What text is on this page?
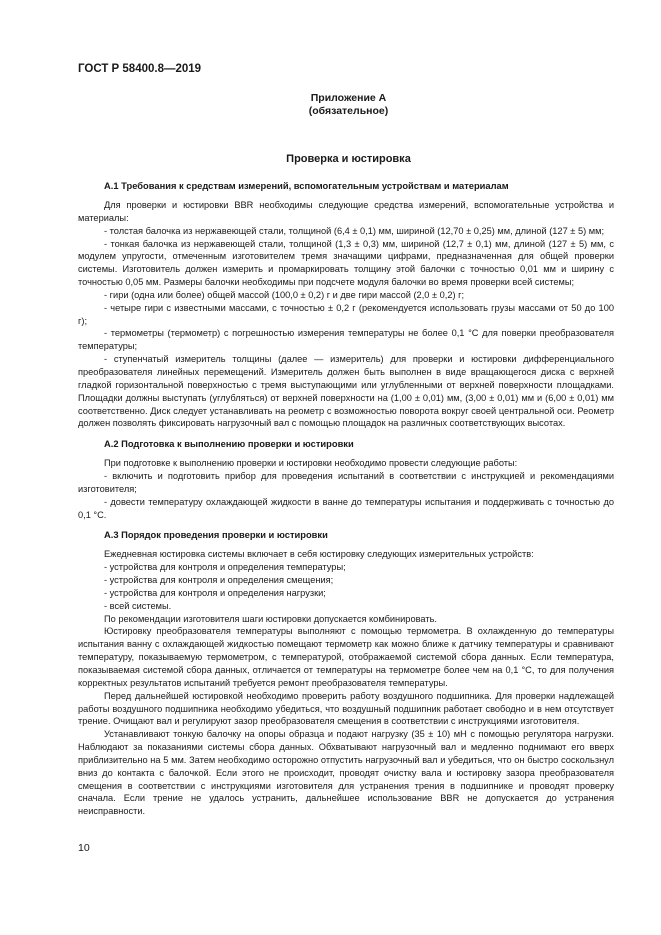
ГОСТ Р 58400.8—2019
Приложение А
(обязательное)
Проверка и юстировка
А.1 Требования к средствам измерений, вспомогательным устройствам и материалам

Для проверки и юстировки BBR необходимы следующие средства измерений, вспомогательные устройства и материалы:

- толстая балочка из нержавеющей стали, толщиной (6,4 ± 0,1) мм, шириной (12,70 ± 0,25) мм, длиной (127 ± 5) мм;

- тонкая балочка из нержавеющей стали, толщиной (1,3 ± 0,3) мм, шириной (12,7 ± 0,1) мм, длиной (127 ± 5) мм, с модулем упругости, отмеченным изготовителем тремя значащими цифрами, предназначенная для общей проверки системы. Изготовитель должен измерить и промаркировать толщину этой балочки с точностью 0,01 мм и ширину с точностью 0,05 мм. Размеры балочки необходимы при подсчете модуля балочки во время проверки всей системы;

- гири (одна или более) общей массой (100,0 ± 0,2) г и две гири массой (2,0 ± 0,2) г;

- четыре гири с известными массами, с точностью ± 0,2 г (рекомендуется использовать грузы массами от 50 до 100 г);

- термометры (термометр) с погрешностью измерения температуры не более 0,1 °С для поверки преобразователя температуры;

- ступенчатый измеритель толщины (далее — измеритель) для проверки и юстировки дифференциального преобразователя линейных перемещений. Измеритель должен быть выполнен в виде вращающегося диска с верхней гладкой горизонтальной поверхностью с тремя выступающими или углубленными от верхней поверхности площадками. Площадки должны выступать (углубляться) от верхней поверхности на (1,00 ± 0,01) мм, (3,00 ± 0,01) мм и (6,00 ± 0,01) мм соответственно. Диск следует устанавливать на реометр с возможностью поворота вокруг своей центральной оси. Реометр должен позволять фиксировать нагрузочный вал с помощью площадок на различных соответствующих высотах.

А.2 Подготовка к выполнению проверки и юстировки

При подготовке к выполнению проверки и юстировки необходимо провести следующие работы:

- включить и подготовить прибор для проведения испытаний в соответствии с инструкцией и рекомендациями изготовителя;

- довести температуру охлаждающей жидкости в ванне до температуры испытания и поддерживать с точностью до 0,1 °С.

А.3 Порядок проведения проверки и юстировки

Ежедневная юстировка системы включает в себя юстировку следующих измерительных устройств:

- устройства для контроля и определения температуры;

- устройства для контроля и определения смещения;

- устройства для контроля и определения нагрузки;

- всей системы.

По рекомендации изготовителя шаги юстировки допускается комбинировать.

Юстировку преобразователя температуры выполняют с помощью термометра. В охлажденную до температуры испытания ванну с охлаждающей жидкостью помещают термометр как можно ближе к датчику температуры и сравнивают температуру, показываемую термометром, с температурой, отображаемой системой сбора данных. Если температура, показываемая системой сбора данных, отличается от температуры на термометре более чем на 0,1 °С, то для получения корректных результатов испытаний требуется ремонт преобразователя температуры.

Перед дальнейшей юстировкой необходимо проверить работу воздушного подшипника. Для проверки надлежащей работы воздушного подшипника необходимо убедиться, что воздушный подшипник работает свободно и в нем отсутствует трение. Очищают вал и регулируют зазор преобразователя смещения в соответствии с инструкциями изготовителя.

Устанавливают тонкую балочку на опоры образца и подают нагрузку (35 ± 10) мН с помощью регулятора нагрузки. Наблюдают за показаниями системы сбора данных. Обхватывают нагрузочный вал и медленно поднимают его вверх приблизительно на 5 мм. Затем необходимо осторожно отпустить нагрузочный вал и убедиться, что он быстро соскользнул вниз до контакта с балочкой. Если этого не происходит, проводят очистку вала и юстировку зазора преобразователя смещения в соответствии с инструкциями изготовителя для устранения трения в подшипнике и проводят проверку сначала. Если трение не удалось устранить, дальнейшее использование BBR не допускается до устранения неисправности.

10
